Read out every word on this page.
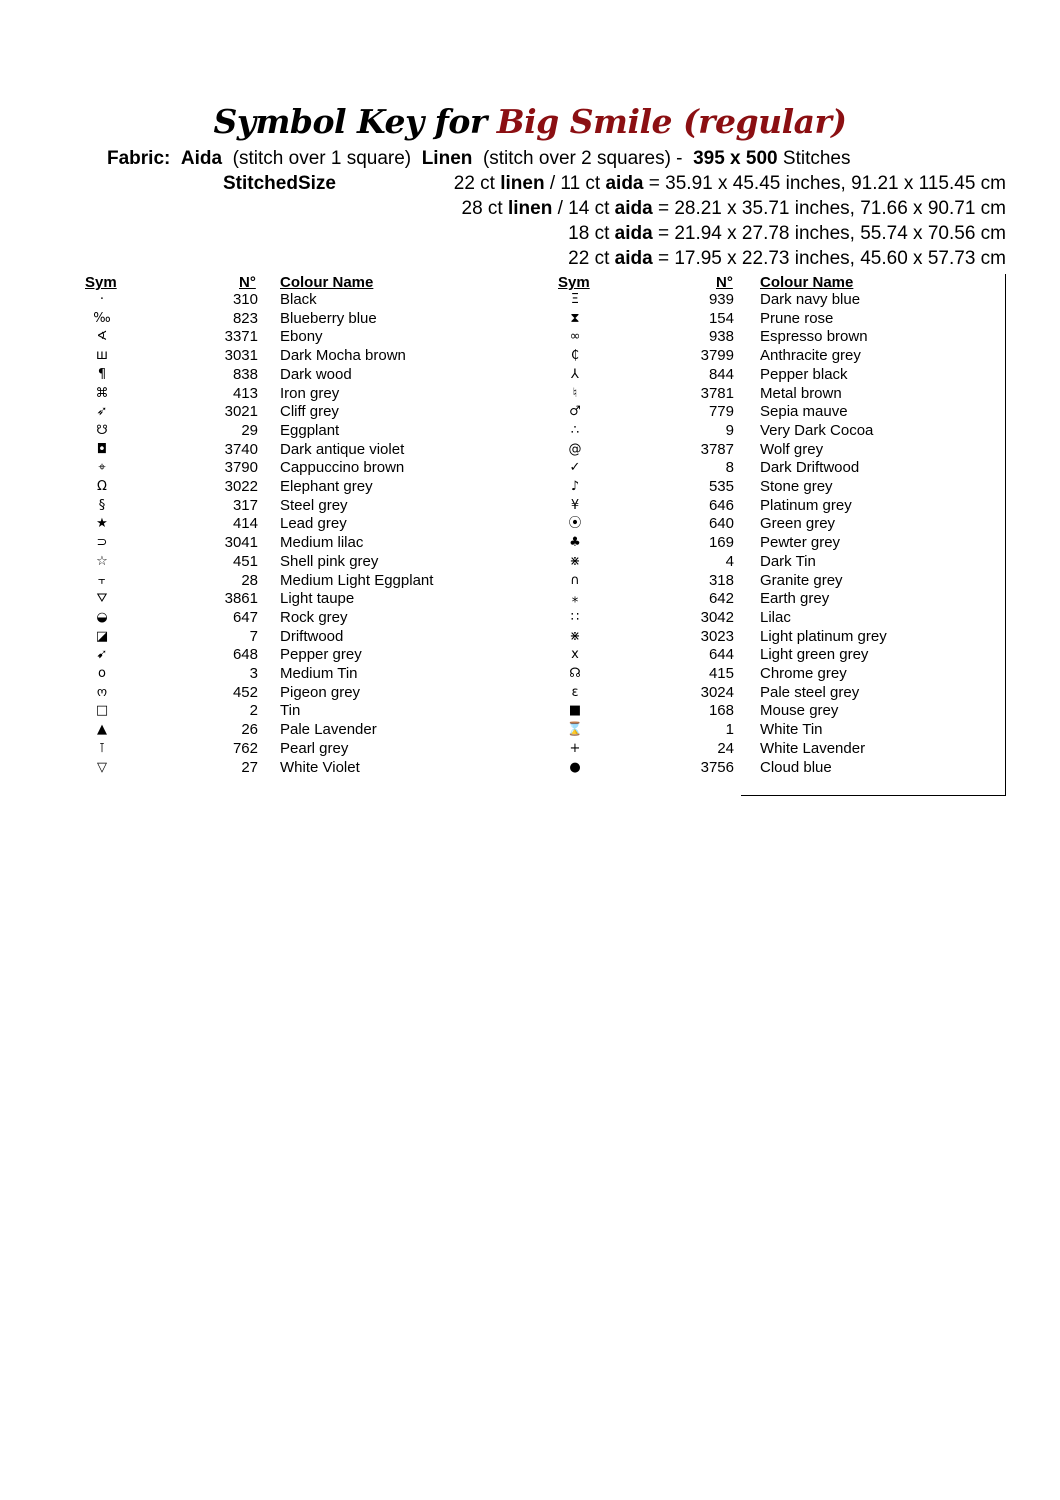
Symbol Key for Big Smile (regular)
Fabric: Aida (stitch over 1 square) Linen (stitch over 2 squares) - 395 x 500 Stitches
StitchedSize	22 ct linen / 11 ct aida = 35.91 x 45.45 inches, 91.21 x 115.45 cm
28 ct linen / 14 ct aida = 28.21 x 35.71 inches, 71.66 x 90.71 cm
18 ct aida = 21.94 x 27.78 inches, 55.74 x 70.56 cm
22 ct aida = 17.95 x 22.73 inches, 45.60 x 57.73 cm
Sym	N° Colour Name	Sym	N° Colour Name
·	310 Black
‰	823 Blueberry blue
∢	3371 Ebony
ш	3031 Dark Mocha brown
¶	838 Dark wood
⌘	413 Iron grey
➶	3021 Cliff grey
☋	29 Eggplant
◘	3740 Dark antique violet
⌖	3790 Cappuccino brown
Ω	3022 Elephant grey
§	317 Steel grey
★	414 Lead grey
⊃	3041 Medium lilac
☆	451 Shell pink grey
⫟	28 Medium Light Eggplant
⛛	3861 Light taupe
◒	647 Rock grey
◪	7 Driftwood
➹	648 Pepper grey
o	3 Medium Tin
ო	452 Pigeon grey
□	2 Tin
▲	26 Pale Lavender
⊺	762 Pearl grey
▽	27 White Violet
Ξ	939 Dark navy blue
⧗	154 Prune rose
∞	938 Espresso brown
₵	3799 Anthracite grey
⅄	844 Pepper black
♮	3781 Metal brown
♂	779 Sepia mauve
∴	9 Very Dark Cocoa
@	3787 Wolf grey
✓	8 Dark Driftwood
♪	535 Stone grey
¥	646 Platinum grey
⦿	640 Green grey
♣	169 Pewter grey
⋇	4 Dark Tin
∩	318 Granite grey
⁎	642 Earth grey
∷	3042 Lilac
⋇	3023 Light platinum grey
x	644 Light green grey
☊	415 Chrome grey
ε	3024 Pale steel grey
■	168 Mouse grey
⌛	1 White Tin
+	24 White Lavender
●	3756 Cloud blue
